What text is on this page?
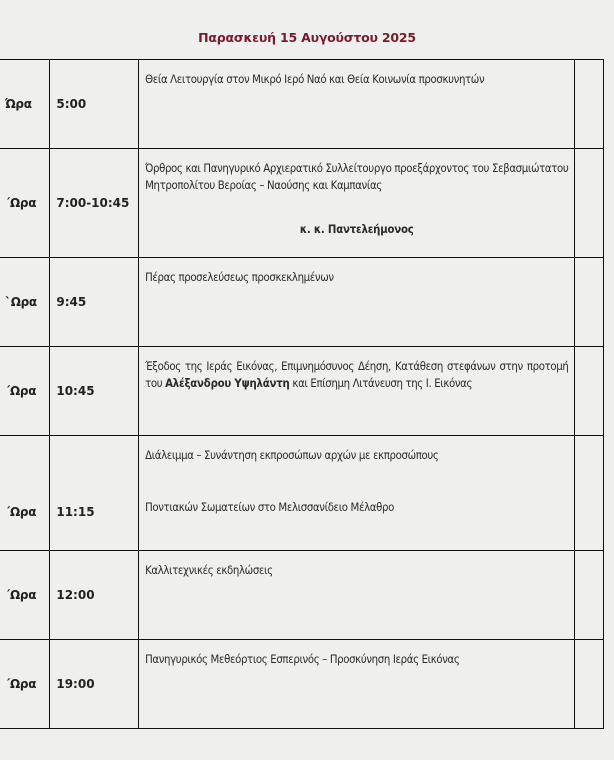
Παρασκευή 15 Αυγούστου 2025
Ώρα	5:00	Θεία Λειτουργία στον Μικρό Ιερό Ναό και Θεία Κοινωνία προσκυνητών	

΄Ωρα	7:00-10:45	Όρθρος και Πανηγυρικό Αρχιερατικό Συλλείτουργο προεξάρχοντος του Σεβασμιώτατου Μητροπολίτου Βεροίας – Ναούσης και Καμπανίας
κ. κ. Παντελεήμονος	

`Ωρα	9:45	Πέρας προσελεύσεως προσκεκλημένων	

΄Ωρα	10:45	Έξοδος της Ιεράς Εικόνας, Επιμνημόσυνος Δέηση, Κατάθεση στεφάνων στην προτομή του Αλέξανδρου Υψηλάντη και Επίσημη Λιτάνευση της Ι. Εικόνας	

΄Ωρα	11:15	Διάλειμμα – Συνάντηση εκπροσώπων αρχών με εκπροσώπους
Ποντιακών Σωματείων στο Μελισσανίδειο Μέλαθρο	

΄Ωρα	12:00	Καλλιτεχνικές εκδηλώσεις	

΄Ωρα	19:00	Πανηγυρικός Μεθεόρτιος Εσπερινός – Προσκύνηση Ιεράς Εικόνας	
